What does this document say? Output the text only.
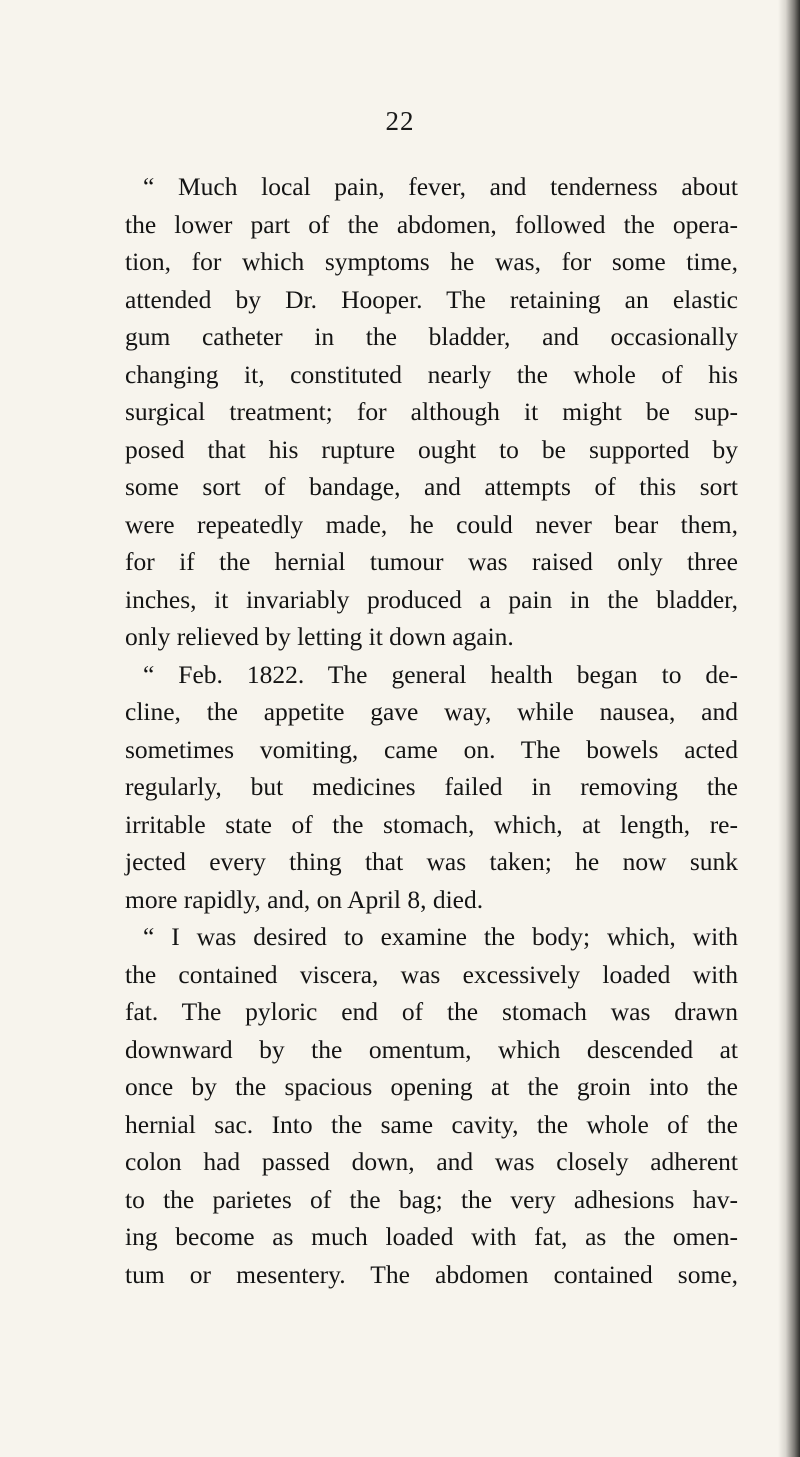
22
“ Much local pain, fever, and tenderness about
the lower part of the abdomen, followed the opera-
tion, for which symptoms he was, for some time,
attended by Dr. Hooper. The retaining an elastic
gum catheter in the bladder, and occasionally
changing it, constituted nearly the whole of his
surgical treatment; for although it might be sup-
posed that his rupture ought to be supported by
some sort of bandage, and attempts of this sort
were repeatedly made, he could never bear them,
for if the hernial tumour was raised only three
inches, it invariably produced a pain in the bladder,
only relieved by letting it down again.
“ Feb. 1822. The general health began to de-
cline, the appetite gave way, while nausea, and
sometimes vomiting, came on. The bowels acted
regularly, but medicines failed in removing the
irritable state of the stomach, which, at length, re-
jected every thing that was taken; he now sunk
more rapidly, and, on April 8, died.
“ I was desired to examine the body; which, with
the contained viscera, was excessively loaded with
fat. The pyloric end of the stomach was drawn
downward by the omentum, which descended at
once by the spacious opening at the groin into the
hernial sac. Into the same cavity, the whole of the
colon had passed down, and was closely adherent
to the parietes of the bag; the very adhesions hav-
ing become as much loaded with fat, as the omen-
tum or mesentery. The abdomen contained some,
